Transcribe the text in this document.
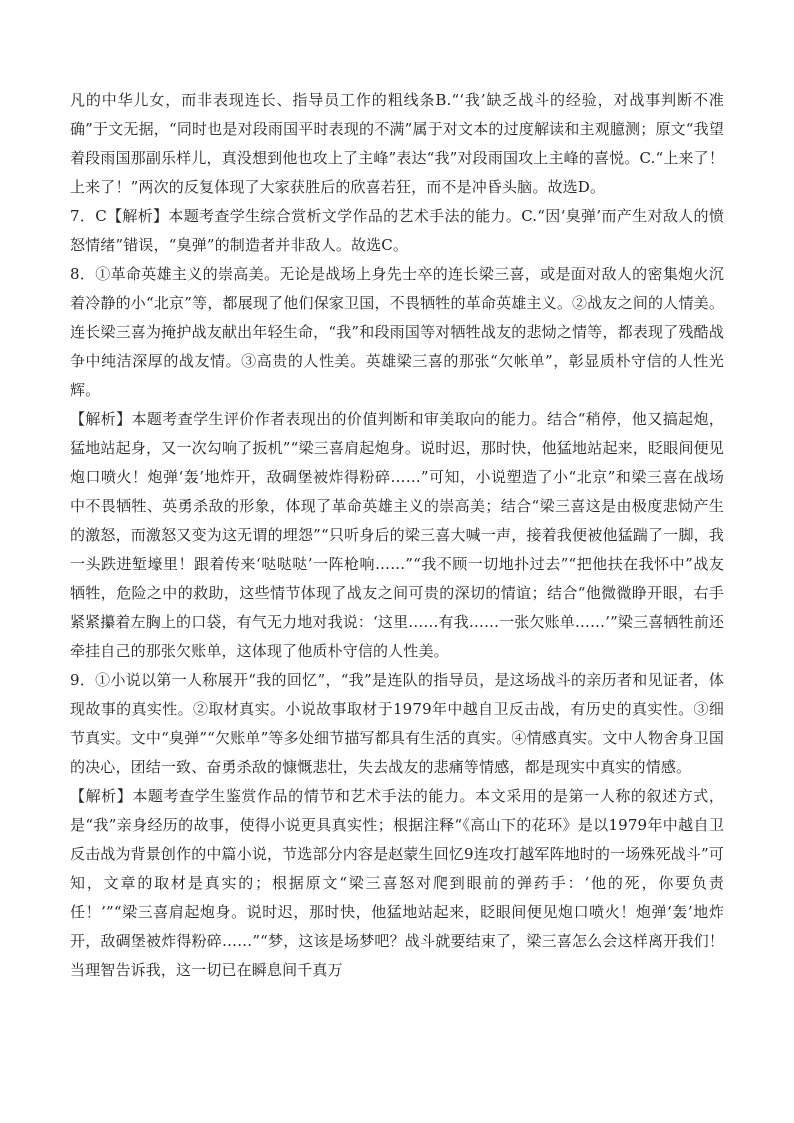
凡的中华儿女，而非表现连长、指导员工作的粗线条B.“‘我’缺乏战斗的经验，对战事判断不准确”于文无据，“同时也是对段雨国平时表现的不满”属于对文本的过度解读和主观臆测；原文“我望着段雨国那副乐样儿，真没想到他也攻上了主峰”表达“我”对段雨国攻上主峰的喜悦。C.“上来了！上来了！”两次的反复体现了大家获胜后的欣喜若狂，而不是冲昏头脑。故选D。

7．C【解析】本题考查学生综合赏析文学作品的艺术手法的能力。C.“因‘臭弹’而产生对敌人的愤怒情绪”错误，“臭弹”的制造者并非敌人。故选C。

8．①革命英雄主义的崇高美。无论是战场上身先士卒的连长梁三喜，或是面对敌人的密集炮火沉着冷静的小“北京”等，都展现了他们保家卫国，不畏牺牲的革命英雄主义。②战友之间的人情美。连长梁三喜为掩护战友献出年轻生命，“我”和段雨国等对牺牲战友的悲恸之情等，都表现了残酷战争中纯洁深厚的战友情。③高贵的人性美。英雄梁三喜的那张“欠帐单”，彰显质朴守信的人性光辉。

【解析】本题考查学生评价作者表现出的价值判断和审美取向的能力。结合“稍停，他又搞起炮，猛地站起身，又一次勾响了扳机”“梁三喜肩起炮身。说时迟，那时快，他猛地站起来，眨眼间便见炮口喷火！炮弹‘轰’地炸开，敌碉堡被炸得粉碎……”可知，小说塑造了小“北京”和梁三喜在战场中不畏牺牲、英勇杀敌的形象，体现了革命英雄主义的崇高美；结合“梁三喜这是由极度悲恸产生的激怒，而激怒又变为这无谓的埋怨”“只听身后的梁三喜大喊一声，接着我便被他猛踹了一脚，我一头跌进堑壕里！跟着传来‘哒哒哒’一阵枪响……”“我不顾一切地扑过去”“把他扶在我怀中”战友牺牲，危险之中的救助，这些情节体现了战友之间可贵的深切的情谊；结合“他微微睁开眼，右手紧紧攥着左胸上的口袋，有气无力地对我说：‘这里……有我……一张欠账单……’”梁三喜牺牲前还牵挂自己的那张欠账单，这体现了他质朴守信的人性美。

9．①小说以第一人称展开“我的回忆”，“我”是连队的指导员，是这场战斗的亲历者和见证者，体现故事的真实性。②取材真实。小说故事取材于1979年中越自卫反击战，有历史的真实性。③细节真实。文中“臭弹”“欠账单”等多处细节描写都具有生活的真实。④情感真实。文中人物舍身卫国的决心，团结一致、奋勇杀敌的慷慨悲壮，失去战友的悲痛等情感，都是现实中真实的情感。

【解析】本题考查学生鉴赏作品的情节和艺术手法的能力。本文采用的是第一人称的叙述方式，是“我”亲身经历的故事，使得小说更具真实性；根据注释“《高山下的花环》是以1979年中越自卫反击战为背景创作的中篇小说，节选部分内容是赵蒙生回忆9连攻打越军阵地时的一场殊死战斗”可知，文章的取材是真实的；根据原文“梁三喜怒对爬到眼前的弹药手：‘他的死，你要负责任！’”“梁三喜肩起炮身。说时迟，那时快，他猛地站起来，眨眼间便见炮口喷火！炮弹‘轰’地炸开，敌碉堡被炸得粉碎……”“梦，这该是场梦吧？战斗就要结束了，梁三喜怎么会这样离开我们！当理智告诉我，这一切已在瞬息间千真万
